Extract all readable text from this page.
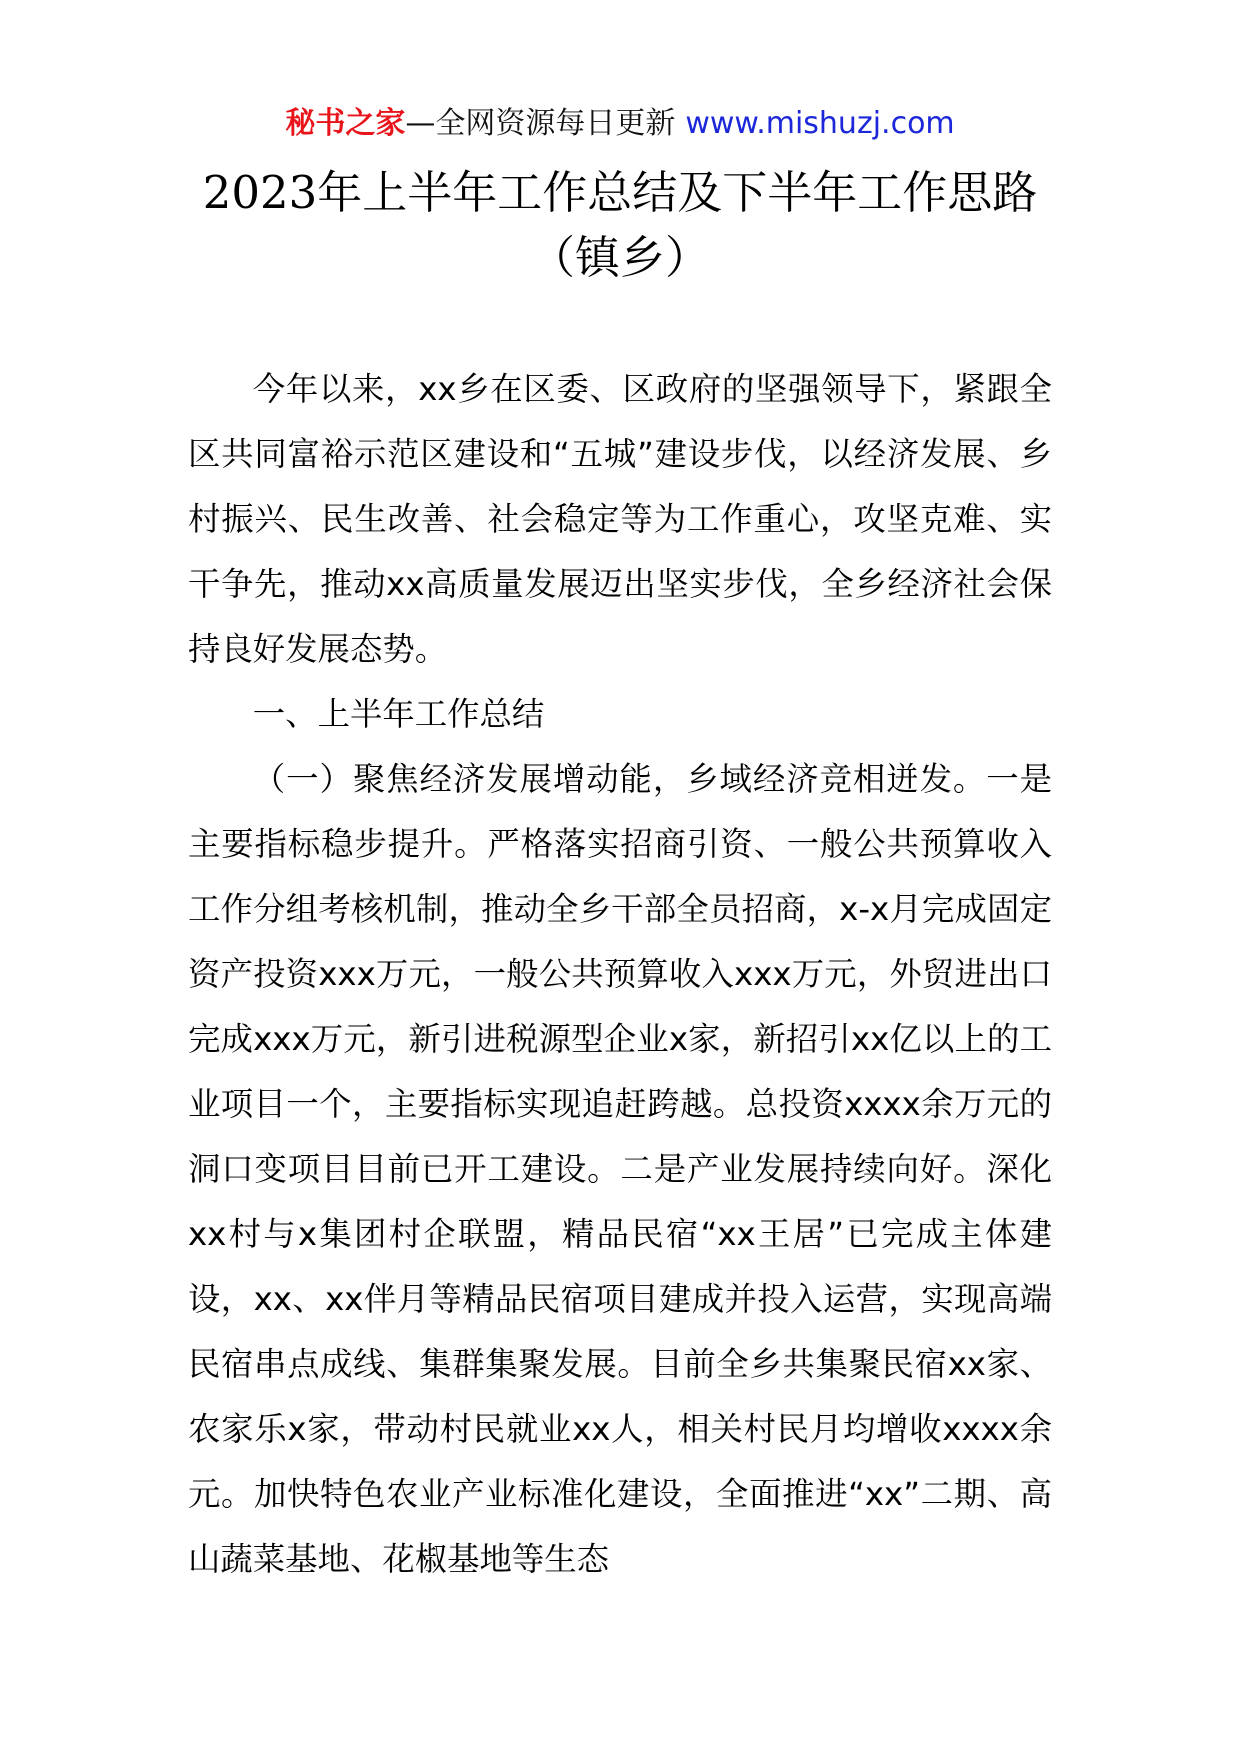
秘书之家—全网资源每日更新 www.mishuzj.com
2023年上半年工作总结及下半年工作思路
（镇乡）

今年以来，xx乡在区委、区政府的坚强领导下，紧跟全区共同富裕示范区建设和“五城”建设步伐，以经济发展、乡村振兴、民生改善、社会稳定等为工作重心，攻坚克难、实干争先，推动xx高质量发展迈出坚实步伐，全乡经济社会保持良好发展态势。

一、上半年工作总结

（一）聚焦经济发展增动能，乡域经济竞相迸发。一是主要指标稳步提升。严格落实招商引资、一般公共预算收入工作分组考核机制，推动全乡干部全员招商，x-x月完成固定资产投资xxx万元，一般公共预算收入xxx万元，外贸进出口完成xxx万元，新引进税源型企业x家，新招引xx亿以上的工业项目一个，主要指标实现追赶跨越。总投资xxxx余万元的洞口变项目目前已开工建设。二是产业发展持续向好。深化xx村与x集团村企联盟，精品民宿“xx王居”已完成主体建设，xx、xx伴月等精品民宿项目建成并投入运营，实现高端民宿串点成线、集群集聚发展。目前全乡共集聚民宿xx家、农家乐x家，带动村民就业xx人，相关村民月均增收xxxx余元。加快特色农业产业标准化建设，全面推进“xx”二期、高山蔬菜基地、花椒基地等生态
